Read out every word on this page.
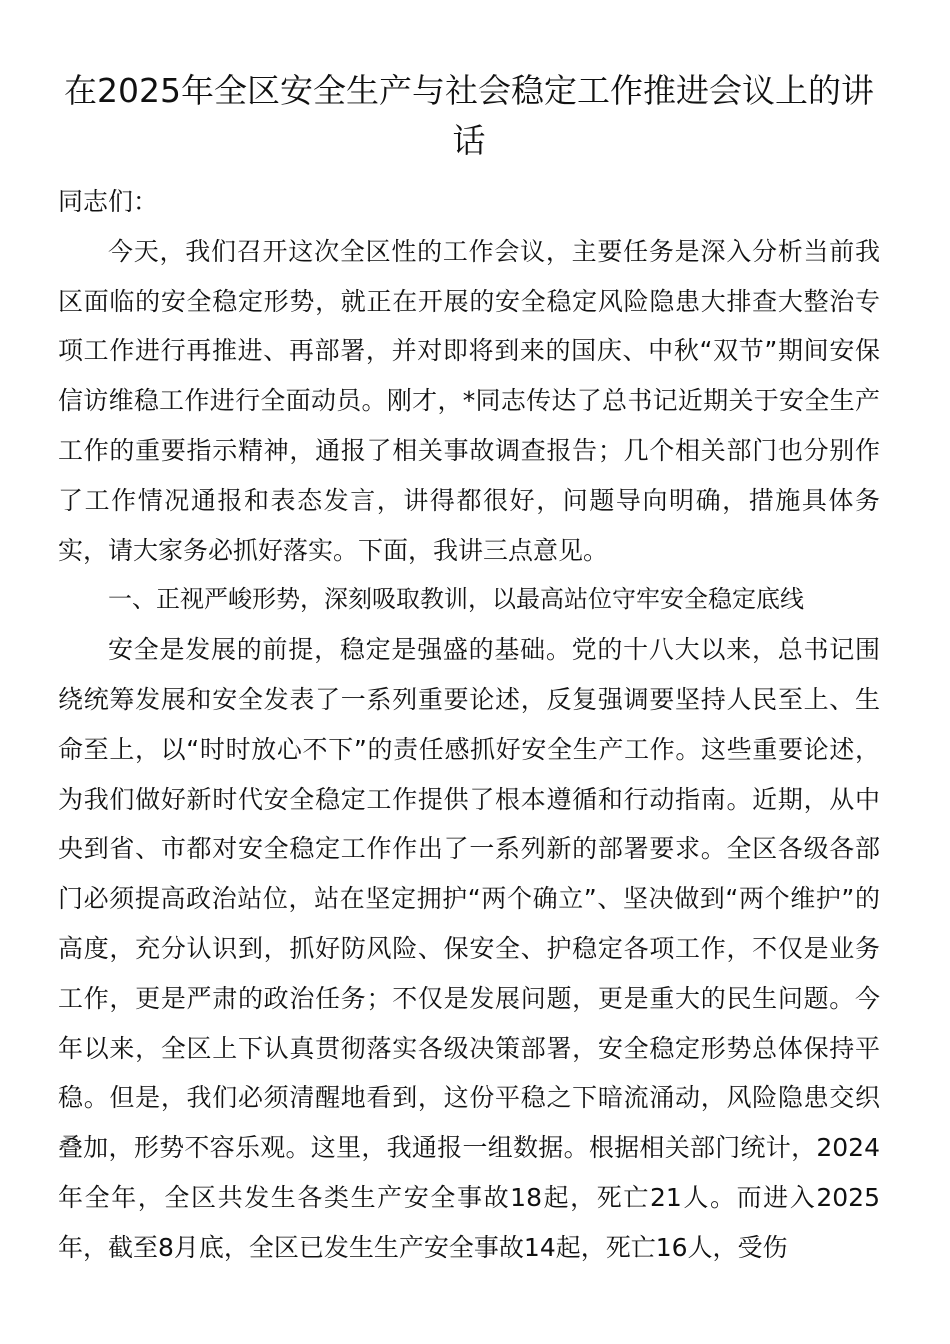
在2025年全区安全生产与社会稳定工作推进会议上的讲话

同志们：

今天，我们召开这次全区性的工作会议，主要任务是深入分析当前我区面临的安全稳定形势，就正在开展的安全稳定风险隐患大排查大整治专项工作进行再推进、再部署，并对即将到来的国庆、中秋“双节”期间安保信访维稳工作进行全面动员。刚才，*同志传达了总书记近期关于安全生产工作的重要指示精神，通报了相关事故调查报告；几个相关部门也分别作了工作情况通报和表态发言，讲得都很好，问题导向明确，措施具体务实，请大家务必抓好落实。下面，我讲三点意见。

一、正视严峻形势，深刻吸取教训，以最高站位守牢安全稳定底线

安全是发展的前提，稳定是强盛的基础。党的十八大以来，总书记围绕统筹发展和安全发表了一系列重要论述，反复强调要坚持人民至上、生命至上，以“时时放心不下”的责任感抓好安全生产工作。这些重要论述，为我们做好新时代安全稳定工作提供了根本遵循和行动指南。近期，从中央到省、市都对安全稳定工作作出了一系列新的部署要求。全区各级各部门必须提高政治站位，站在坚定拥护“两个确立”、坚决做到“两个维护”的高度，充分认识到，抓好防风险、保安全、护稳定各项工作，不仅是业务工作，更是严肃的政治任务；不仅是发展问题，更是重大的民生问题。今年以来，全区上下认真贯彻落实各级决策部署，安全稳定形势总体保持平稳。但是，我们必须清醒地看到，这份平稳之下暗流涌动，风险隐患交织叠加，形势不容乐观。这里，我通报一组数据。根据相关部门统计，2024年全年，全区共发生各类生产安全事故18起，死亡21人。而进入2025年，截至8月底，全区已发生生产安全事故14起，死亡16人，受伤
